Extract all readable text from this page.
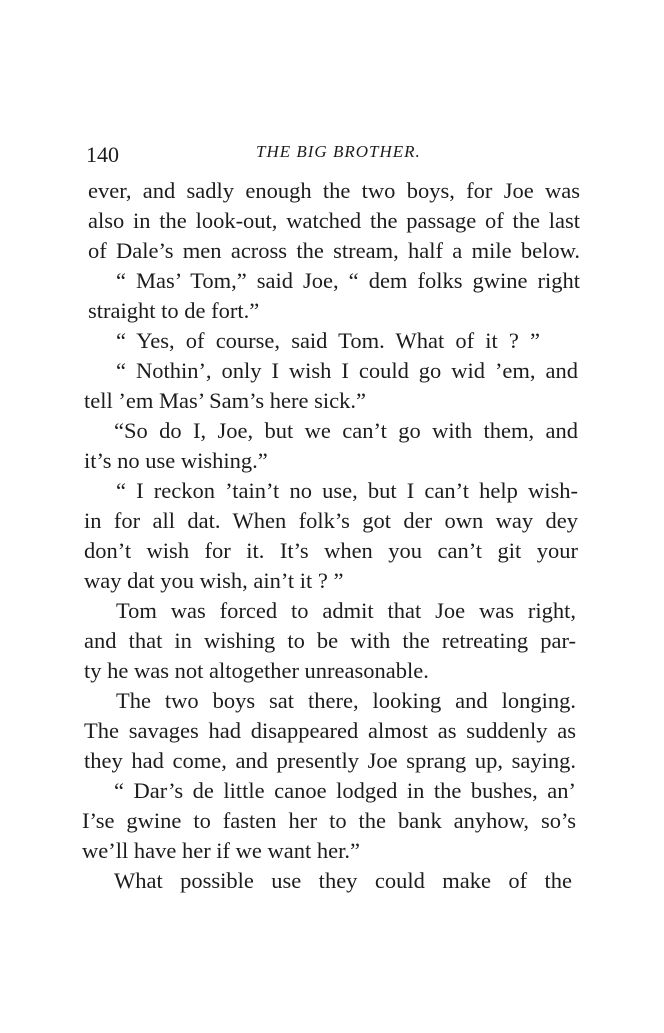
140	THE BIG BROTHER.
ever, and sadly enough the two boys, for Joe was
also in the look-out, watched the passage of the last
of Dale’s men across the stream, half a mile below.
“ Mas’ Tom,” said Joe, “ dem folks gwine right
straight to de fort.”
“ Yes, of course, said Tom. What of it ? ”
“ Nothin’, only I wish I could go wid ’em, and
tell ’em Mas’ Sam’s here sick.”
“So do I, Joe, but we can’t go with them, and
it’s no use wishing.”
“ I reckon ’tain’t no use, but I can’t help wish-
in for all dat. When folk’s got der own way dey
don’t wish for it. It’s when you can’t git your
way dat you wish, ain’t it ? ”
Tom was forced to admit that Joe was right,
and that in wishing to be with the retreating par-
ty he was not altogether unreasonable.
The two boys sat there, looking and longing.
The savages had disappeared almost as suddenly as
they had come, and presently Joe sprang up, saying.
“ Dar’s de little canoe lodged in the bushes, an’
I’se gwine to fasten her to the bank anyhow, so’s
we’ll have her if we want her.”
What possible use they could make of the
